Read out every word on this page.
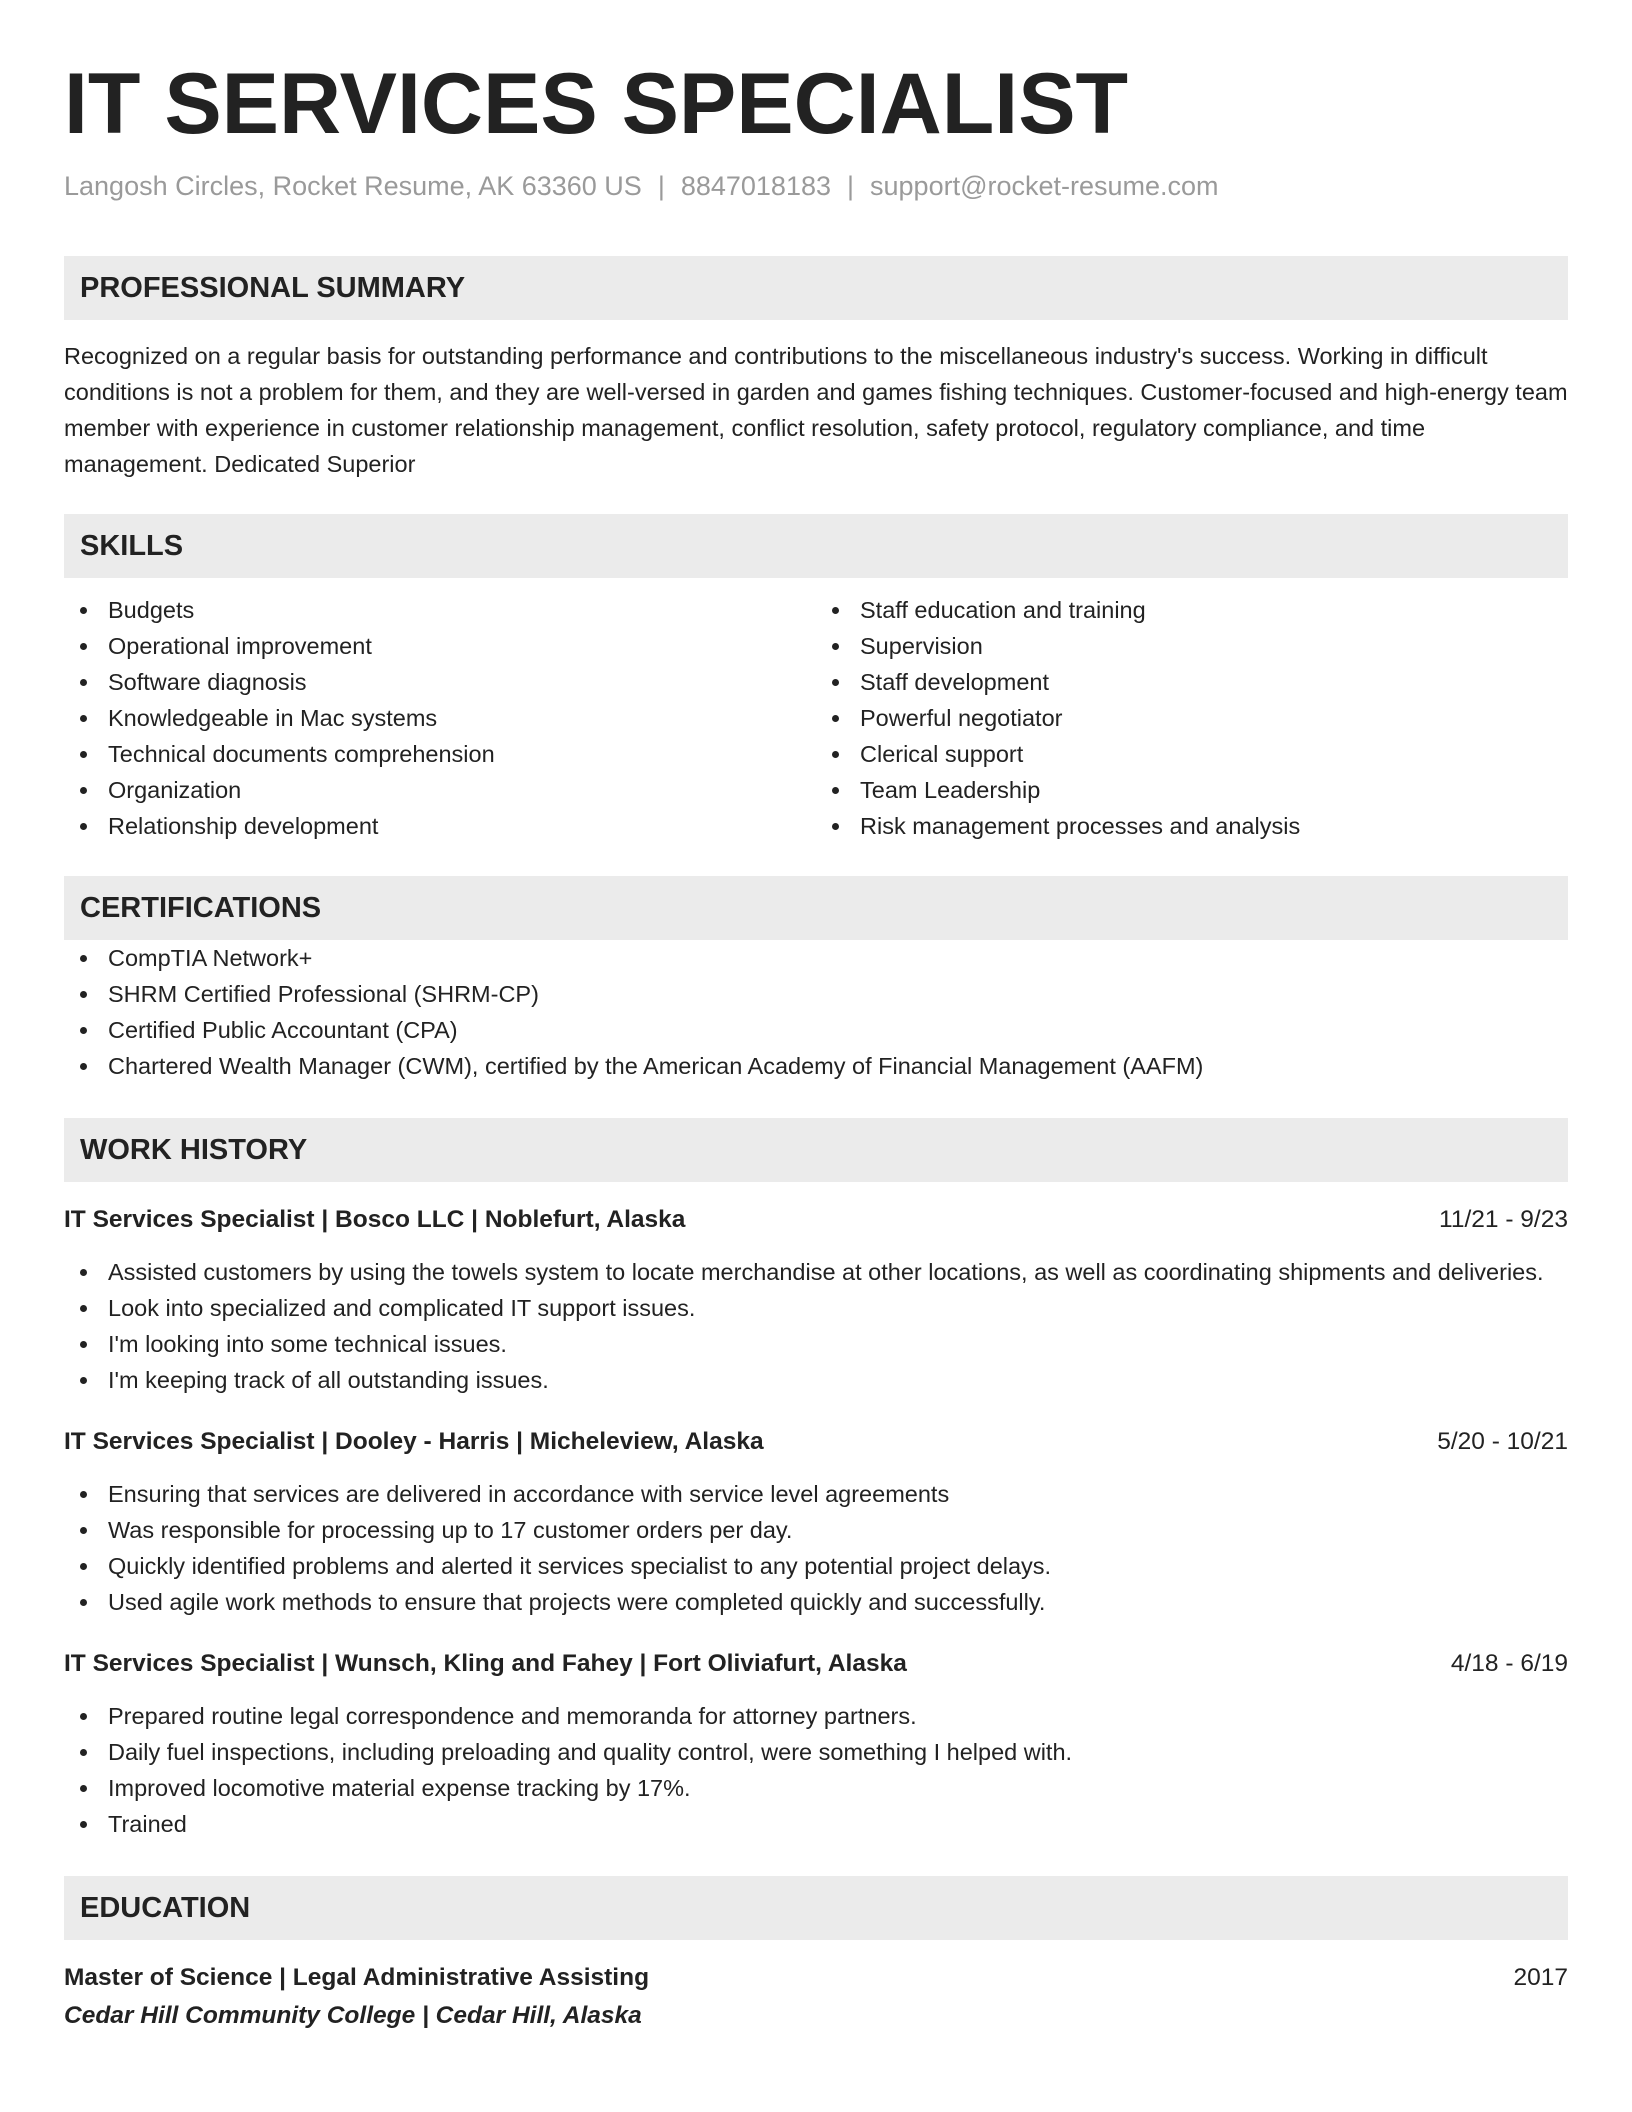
IT SERVICES SPECIALIST
Langosh Circles, Rocket Resume, AK 63360 US | 8847018183 | support@rocket-resume.com
PROFESSIONAL SUMMARY

Recognized on a regular basis for outstanding performance and contributions to the miscellaneous industry's success. Working in difficult conditions is not a problem for them, and they are well-versed in garden and games fishing techniques. Customer-focused and high-energy team member with experience in customer relationship management, conflict resolution, safety protocol, regulatory compliance, and time management. Dedicated Superior

SKILLS
Budgets
Operational improvement
Software diagnosis
Knowledgeable in Mac systems
Technical documents comprehension
Organization
Relationship development
Staff education and training
Supervision
Staff development
Powerful negotiator
Clerical support
Team Leadership
Risk management processes and analysis
CERTIFICATIONS
CompTIA Network+
SHRM Certified Professional (SHRM-CP)
Certified Public Accountant (CPA)
Chartered Wealth Manager (CWM), certified by the American Academy of Financial Management (AAFM)
WORK HISTORY
IT Services Specialist | Bosco LLC | Noblefurt, Alaska	11/21 - 9/23
Assisted customers by using the towels system to locate merchandise at other locations, as well as coordinating shipments and deliveries.
Look into specialized and complicated IT support issues.
I'm looking into some technical issues.
I'm keeping track of all outstanding issues.
IT Services Specialist | Dooley - Harris | Micheleview, Alaska	5/20 - 10/21
Ensuring that services are delivered in accordance with service level agreements
Was responsible for processing up to 17 customer orders per day.
Quickly identified problems and alerted it services specialist to any potential project delays.
Used agile work methods to ensure that projects were completed quickly and successfully.
IT Services Specialist | Wunsch, Kling and Fahey | Fort Oliviafurt, Alaska	4/18 - 6/19
Prepared routine legal correspondence and memoranda for attorney partners.
Daily fuel inspections, including preloading and quality control, were something I helped with.
Improved locomotive material expense tracking by 17%.
Trained
EDUCATION
Master of Science | Legal Administrative Assisting	2017
Cedar Hill Community College | Cedar Hill, Alaska
